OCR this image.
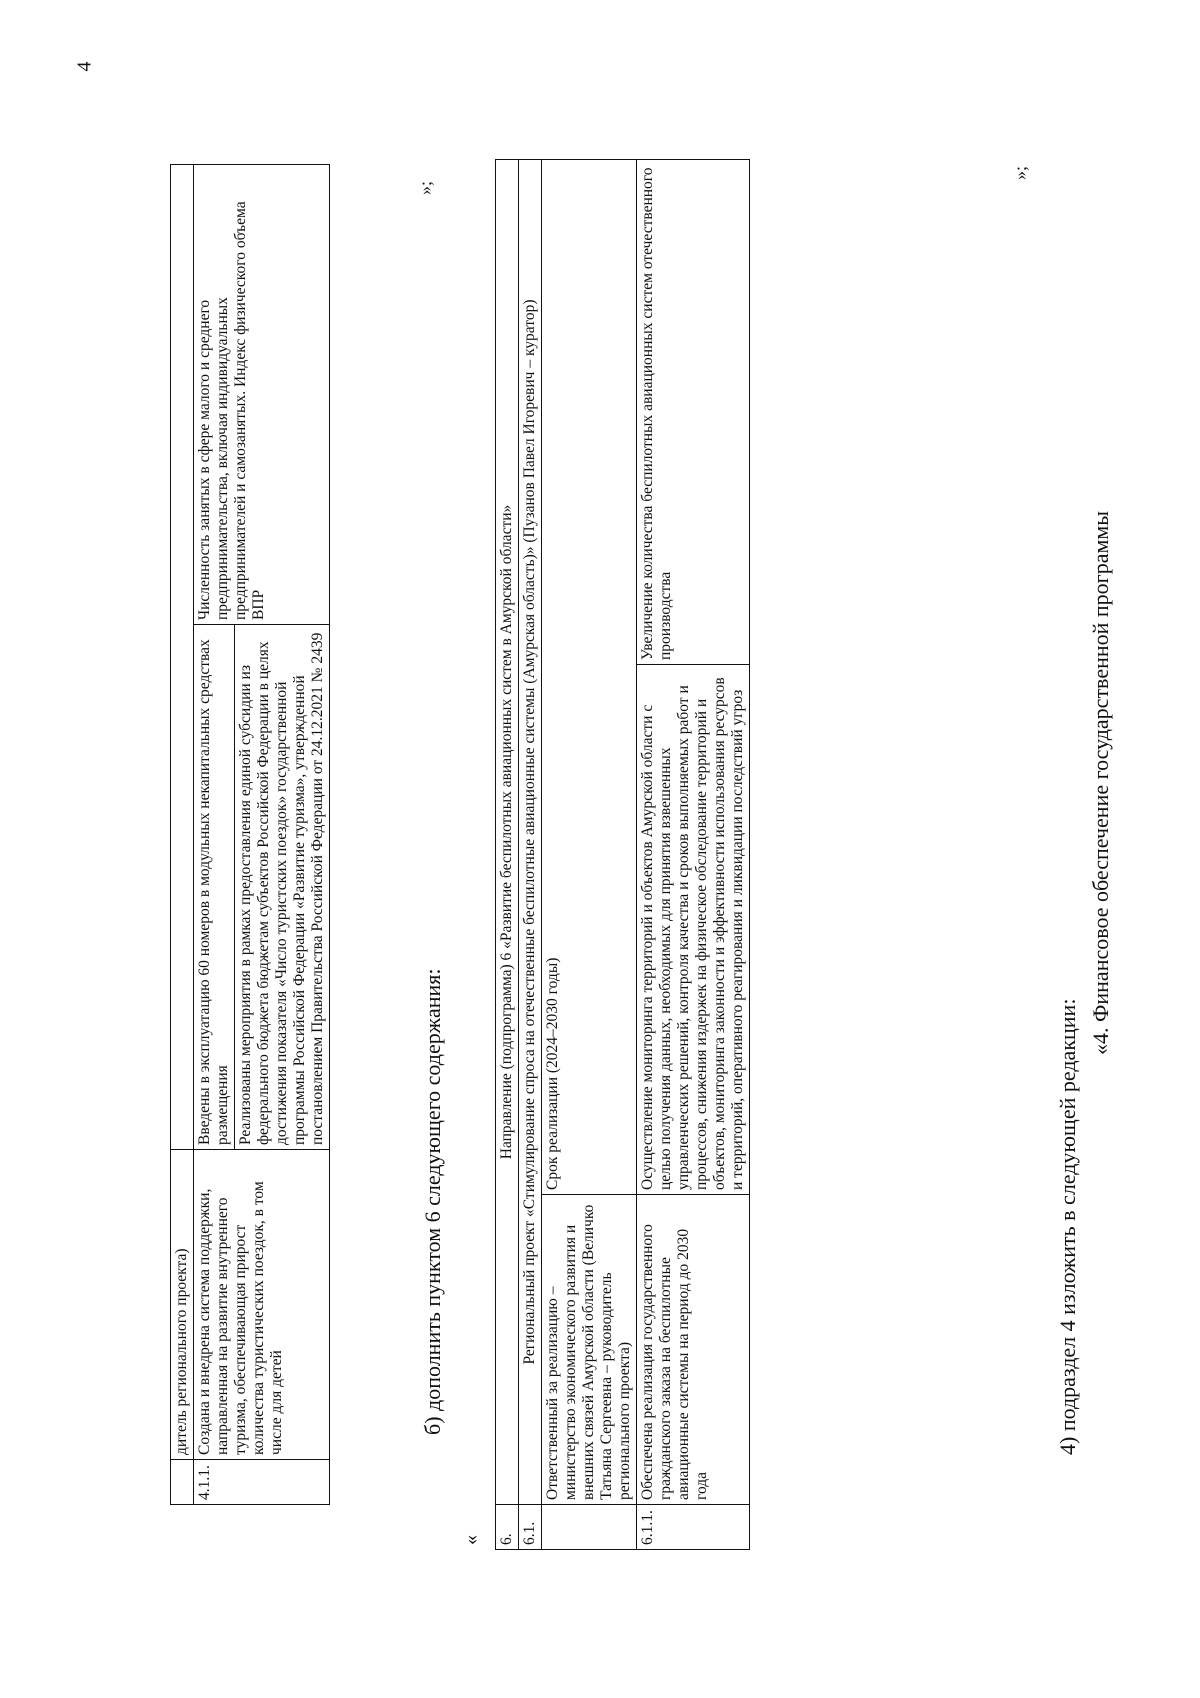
4
	дитель регионального проекта)		
4.1.1.	Создана и внедрена система поддержки, направленная на развитие внутреннего туризма, обеспечивающая прирост количества туристических поездок, в том числе для детей	Введены в эксплуатацию 60 номеров в модульных некапитальных средствах размещения Реализованы мероприятия в рамках предоставления единой субсидии из федерального бюджета бюджетам субъектов Российской Федерации в целях достижения показателя «Число туристских поездок» государственной программы Российской Федерации «Развитие туризма», утвержденной постановлением Правительства Российской Федерации от 24.12.2021 № 2439	Численность занятых в сфере малого и среднего предпринимательства, включая индивидуальных предпринимателей и самозанятых. Индекс физического объема ВПР
»;
б) дополнить пунктом 6 следующего содержания:
« 6.	Направление (подпрограмма) 6 «Развитие беспилотных авиационных систем в Амурской области»		
6.1.	Региональный проект «Стимулирование спроса на отечественные беспилотные авиационные системы (Амурская область)» (Пузанов Павел Игоревич – куратор)		
	Ответственный за реализацию – министерство экономического развития и внешних связей Амурской области (Величко Татьяна Сергеевна – руководитель регионального проекта)	Срок реализации (2024–2030 годы)	
6.1.1.	Обеспечена реализация государственного гражданского заказа на беспилотные авиационные системы на период до 2030 года	Осуществление мониторинга территорий и объектов Амурской области с целью получения данных, необходимых для принятия взвешенных управленческих решений, контроля качества и сроков выполняемых работ и процессов, снижения издержек на физическое обследование территорий и объектов, мониторинга законности и эффективности использования ресурсов и территорий, оперативного реагирования и ликвидации последствий угроз	Увеличение количества беспилотных авиационных систем отечественного производства
»;
4) подраздел 4 изложить в следующей редакции:
«4. Финансовое обеспечение государственной программы
